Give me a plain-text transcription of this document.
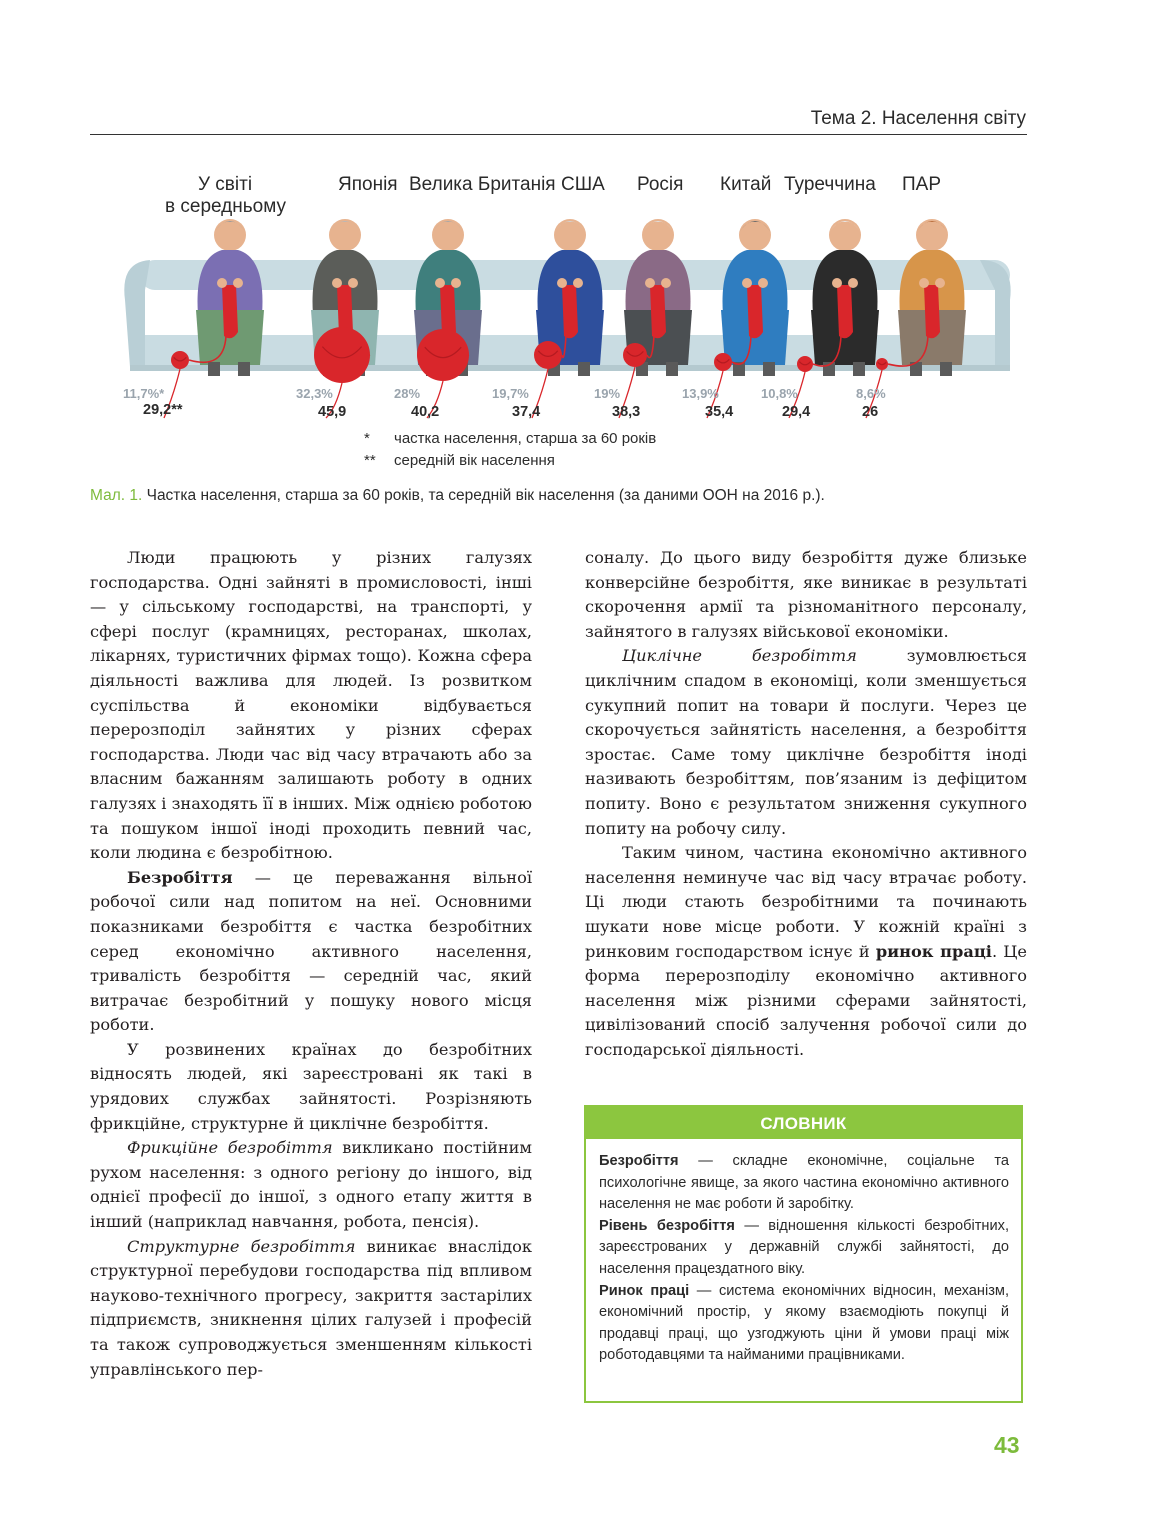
Тема 2. Населення світу
У світі
в середньому
Японія Велика Британія США Росія Китай Туреччина ПАР
11,7%*	32,3%	28%	19,7%	19%	13,9%	10,8%	8,6%
29,2**	45,9	40,2	37,4	38,3	35,4	29,4	26
* частка населення, старша за 60 років
** середній вік населення
Мал. 1. Частка населення, старша за 60 років, та середній вік населення (за даними ООН на 2016 р.).

Люди працюють у різних галузях господарства. Одні зайняті в промисловості, інші — у сільському господарстві, на транспорті, у сфері послуг (крамницях, ресторанах, школах, лікарнях, туристичних фірмах тощо). Кожна сфера діяльності важлива для людей. Із розвитком суспільства й економіки відбувається перерозподіл зайнятих у різних сферах господарства. Люди час від часу втрачають або за власним бажанням залишають роботу в одних галузях і знаходять її в інших. Між однією роботою та пошуком іншої іноді проходить певний час, коли людина є безробітною.

Безробіття — це переважання вільної робочої сили над попитом на неї. Основними показниками безробіття є частка безробітних серед економічно активного населення, тривалість безробіття — середній час, який витрачає безробітний у пошуку нового місця роботи.

У розвинених країнах до безробітних відносять людей, які зареєстровані як такі в урядових службах зайнятості. Розрізняють фрикційне, структурне й циклічне безробіття.

Фрикційне безробіття викликано постійним рухом населення: з одного регіону до іншого, від однієї професії до іншої, з одного етапу життя в інший (наприклад навчання, робота, пенсія).

Структурне безробіття виникає внаслідок структурної перебудови господарства під впливом науково-технічного прогресу, закриття застарілих підприємств, зникнення цілих галузей і професій та також супроводжується зменшенням кількості управлінського пер-

соналу. До цього виду безробіття дуже близьке конверсійне безробіття, яке виникає в результаті скорочення армії та різноманітного персоналу, зайнятого в галузях військової економіки.

Циклічне безробіття зумовлюється циклічним спадом в економіці, коли зменшується сукупний попит на товари й послуги. Через це скорочується зайнятість населення, а безробіття зростає. Саме тому циклічне безробіття іноді називають безробіттям, пов’язаним із дефіцитом попиту. Воно є результатом зниження сукупного попиту на робочу силу.

Таким чином, частина економічно активного населення неминуче час від часу втрачає роботу. Ці люди стають безробітними та починають шукати нове місце роботи. У кожній країні з ринковим господарством існує й ринок праці. Це форма перерозподілу економічно активного населення між різними сферами зайнятості, цивілізований спосіб залучення робочої сили до господарської діяльності.

СЛОВНИК

Безробіття — складне економічне, соціальне та психологічне явище, за якого частина економічно активного населення не має роботи й заробітку.

Рівень безробіття — відношення кількості безробітних, зареєстрованих у державній службі зайнятості, до населення працездатного віку.

Ринок праці — система економічних відносин, механізм, економічний простір, у якому взаємодіють покупці й продавці праці, що узгоджують ціни й умови праці між роботодавцями та найманими працівниками.

43
